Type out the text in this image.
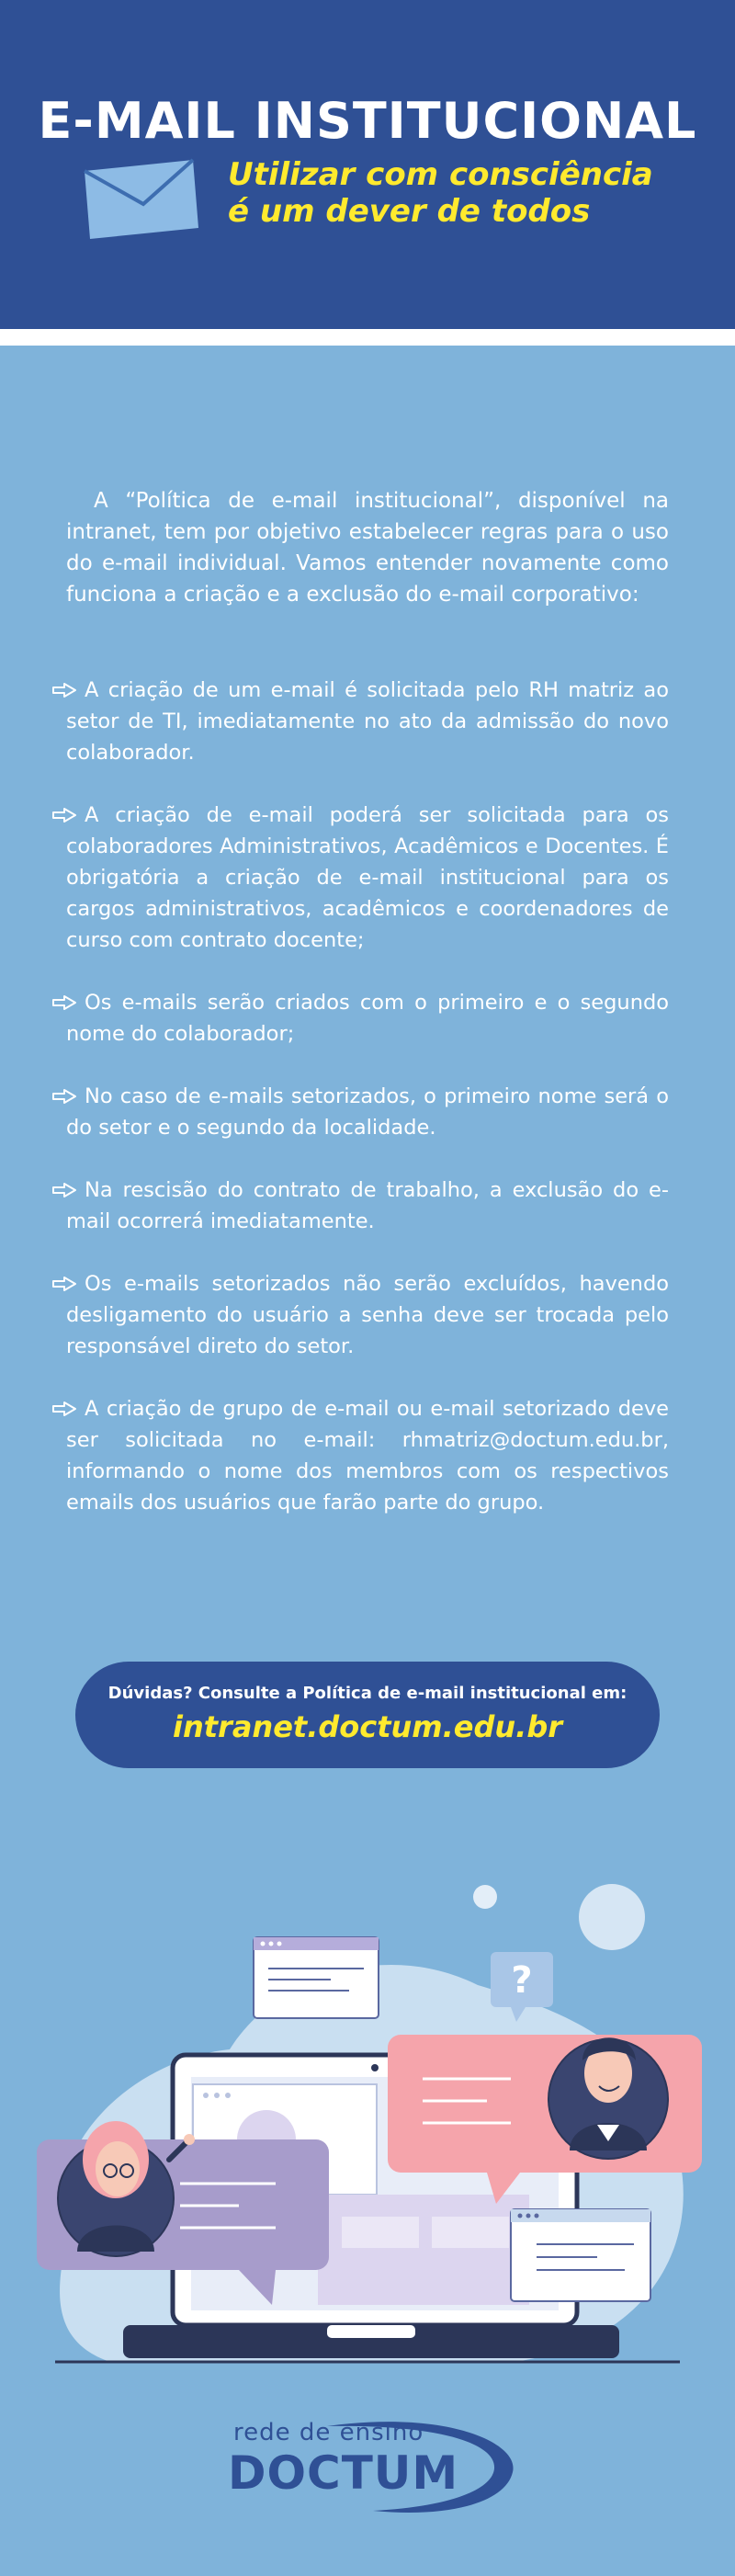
E-MAIL INSTITUCIONAL
Utilizar com consciência
é um dever de todos

A “Política de e-mail institucional”, disponível na intranet, tem por objetivo estabelecer regras para o uso do e-mail individual. Vamos entender novamente como funciona a criação e a exclusão do e-mail corporativo:

A criação de um e-mail é solicitada pelo RH matriz ao setor de TI, imediatamente no ato da admissão do novo colaborador.
A criação de e-mail poderá ser solicitada para os colaboradores Administrativos, Acadêmicos e Docentes. É obrigatória a criação de e-mail institucional para os cargos administrativos, acadêmicos e coordenadores de curso com contrato docente;
Os e-mails serão criados com o primeiro e o segundo nome do colaborador;
No caso de e-mails setorizados, o primeiro nome será o do setor e o segundo da localidade.
Na rescisão do contrato de trabalho, a exclusão do e-mail ocorrerá imediatamente.
Os e-mails setorizados não serão excluídos, havendo desligamento do usuário a senha deve ser trocada pelo responsável direto do setor.
A criação de grupo de e-mail ou e-mail setorizado deve ser solicitada no e-mail: rhmatriz@doctum.edu.br, informando o nome dos membros com os respectivos emails dos usuários que farão parte do grupo.
Dúvidas? Consulte a Política de e-mail institucional em:
intranet.doctum.edu.br
?
rede de ensino
DOCTUM
